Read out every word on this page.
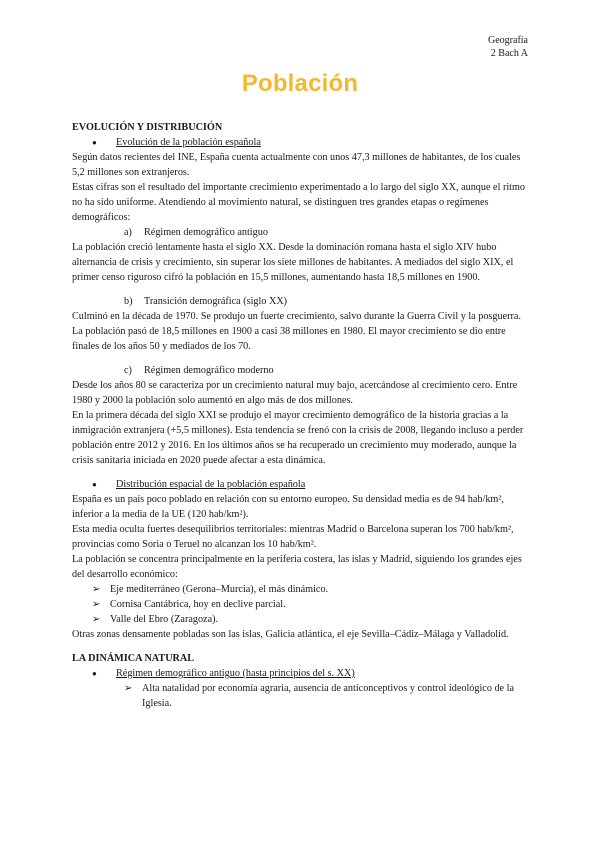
Geografía
2 Bach A
Población

EVOLUCIÓN Y DISTRIBUCIÓN

●	Evolución de la población española

Según datos recientes del INE, España cuenta actualmente con unos 47,3 millones de habitantes, de los cuales 5,2 millones son extranjeros.

Estas cifras son el resultado del importante crecimiento experimentado a lo largo del siglo XX, aunque el ritmo no ha sido uniforme. Atendiendo al movimiento natural, se distinguen tres grandes etapas o regímenes demográficos:

a)	Régimen demográfico antiguo

La población creció lentamente hasta el siglo XX. Desde la dominación romana hasta el siglo XIV hubo alternancia de crisis y crecimiento, sin superar los siete millones de habitantes. A mediados del siglo XIX, el primer censo riguroso cifró la población en 15,5 millones, aumentando hasta 18,5 millones en 1900.

b)	Transición demográfica (siglo XX)

Culminó en la década de 1970. Se produjo un fuerte crecimiento, salvo durante la Guerra Civil y la posguerra. La población pasó de 18,5 millones en 1900 a casi 38 millones en 1980. El mayor crecimiento se dio entre finales de los años 50 y mediados de los 70.

c)	Régimen demográfico moderno

Desde los años 80 se caracteriza por un crecimiento natural muy bajo, acercándose al crecimiento cero. Entre 1980 y 2000 la población solo aumentó en algo más de dos millones.

En la primera década del siglo XXI se produjo el mayor crecimiento demográfico de la historia gracias a la inmigración extranjera (+5,5 millones). Esta tendencia se frenó con la crisis de 2008, llegando incluso a perder población entre 2012 y 2016. En los últimos años se ha recuperado un crecimiento muy moderado, aunque la crisis sanitaria iniciada en 2020 puede afectar a esta dinámica.

●	Distribución espacial de la población española

España es un país poco poblado en relación con su entorno europeo. Su densidad media es de 94 hab/km², inferior a la media de la UE (120 hab/km²).

Esta media oculta fuertes desequilibrios territoriales: mientras Madrid o Barcelona superan los 700 hab/km², provincias como Soria o Teruel no alcanzan los 10 hab/km².

La población se concentra principalmente en la periferia costera, las islas y Madrid, siguiendo los grandes ejes del desarrollo económico:

➢ Eje mediterráneo (Gerona–Murcia), el más dinámico.
➢ Cornisa Cantábrica, hoy en declive parcial.
➢ Valle del Ebro (Zaragoza).

Otras zonas densamente pobladas son las islas, Galicia atlántica, el eje Sevilla–Cádiz–Málaga y Valladolid.

LA DINÁMICA NATURAL

●	Régimen demográfico antiguo (hasta principios del s. XX)
➢ Alta natalidad por economía agraria, ausencia de anticonceptivos y control ideológico de la Iglesia.
